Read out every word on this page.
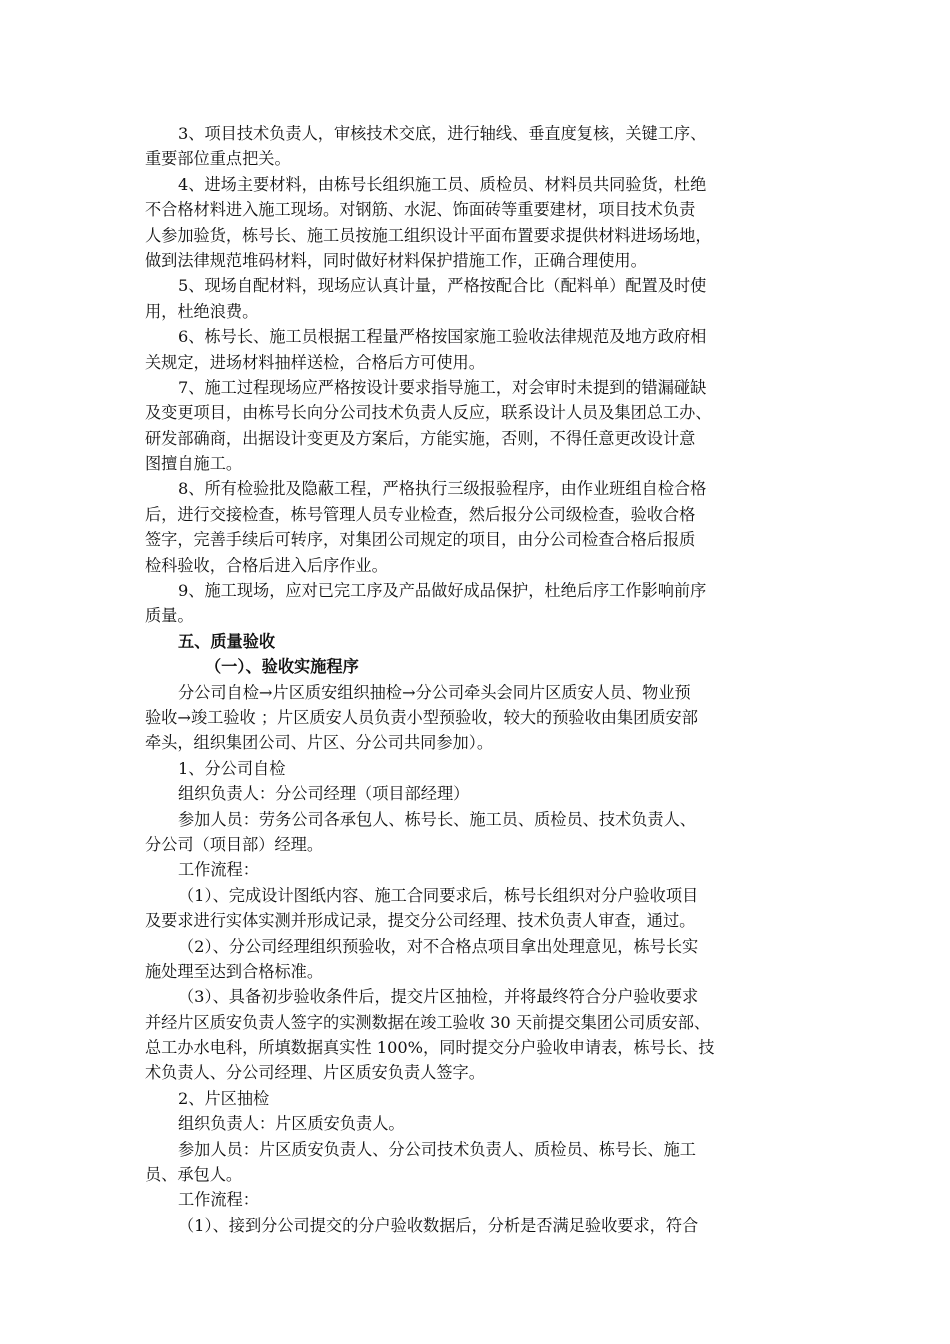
3、项目技术负责人，审核技术交底，进行轴线、垂直度复核，关键工序、
重要部位重点把关。
4、进场主要材料，由栋号长组织施工员、质检员、材料员共同验货，杜绝
不合格材料进入施工现场。对钢筋、水泥、饰面砖等重要建材，项目技术负责
人参加验货，栋号长、施工员按施工组织设计平面布置要求提供材料进场场地，
做到法律规范堆码材料，同时做好材料保护措施工作，正确合理使用。
5、现场自配材料，现场应认真计量，严格按配合比（配料单）配置及时使
用，杜绝浪费。
6、栋号长、施工员根据工程量严格按国家施工验收法律规范及地方政府相
关规定，进场材料抽样送检，合格后方可使用。
7、施工过程现场应严格按设计要求指导施工，对会审时未提到的错漏碰缺
及变更项目，由栋号长向分公司技术负责人反应，联系设计人员及集团总工办、
研发部确商，出据设计变更及方案后，方能实施，否则，不得任意更改设计意
图擅自施工。
8、所有检验批及隐蔽工程，严格执行三级报验程序，由作业班组自检合格
后，进行交接检查，栋号管理人员专业检查，然后报分公司级检查，验收合格
签字，完善手续后可转序，对集团公司规定的项目，由分公司检查合格后报质
检科验收，合格后进入后序作业。
9、施工现场，应对已完工序及产品做好成品保护，杜绝后序工作影响前序
质量。
五、质量验收
（一）、验收实施程序
分公司自检→片区质安组织抽检→分公司牵头会同片区质安人员、物业预
验收→竣工验收 ；片区质安人员负责小型预验收，较大的预验收由集团质安部
牵头，组织集团公司、片区、分公司共同参加）。
1、分公司自检
组织负责人：分公司经理（项目部经理）
参加人员：劳务公司各承包人、栋号长、施工员、质检员、技术负责人、
分公司（项目部）经理。
工作流程：
（1）、完成设计图纸内容、施工合同要求后，栋号长组织对分户验收项目
及要求进行实体实测并形成记录，提交分公司经理、技术负责人审查，通过。
（2）、分公司经理组织预验收，对不合格点项目拿出处理意见，栋号长实
施处理至达到合格标准。
（3）、具备初步验收条件后，提交片区抽检，并将最终符合分户验收要求
并经片区质安负责人签字的实测数据在竣工验收 30 天前提交集团公司质安部、
总工办水电科，所填数据真实性 100%，同时提交分户验收申请表，栋号长、技
术负责人、分公司经理、片区质安负责人签字。
2、片区抽检
组织负责人：片区质安负责人。
参加人员：片区质安负责人、分公司技术负责人、质检员、栋号长、施工
员、承包人。
工作流程：
（1）、接到分公司提交的分户验收数据后，分析是否满足验收要求，符合
